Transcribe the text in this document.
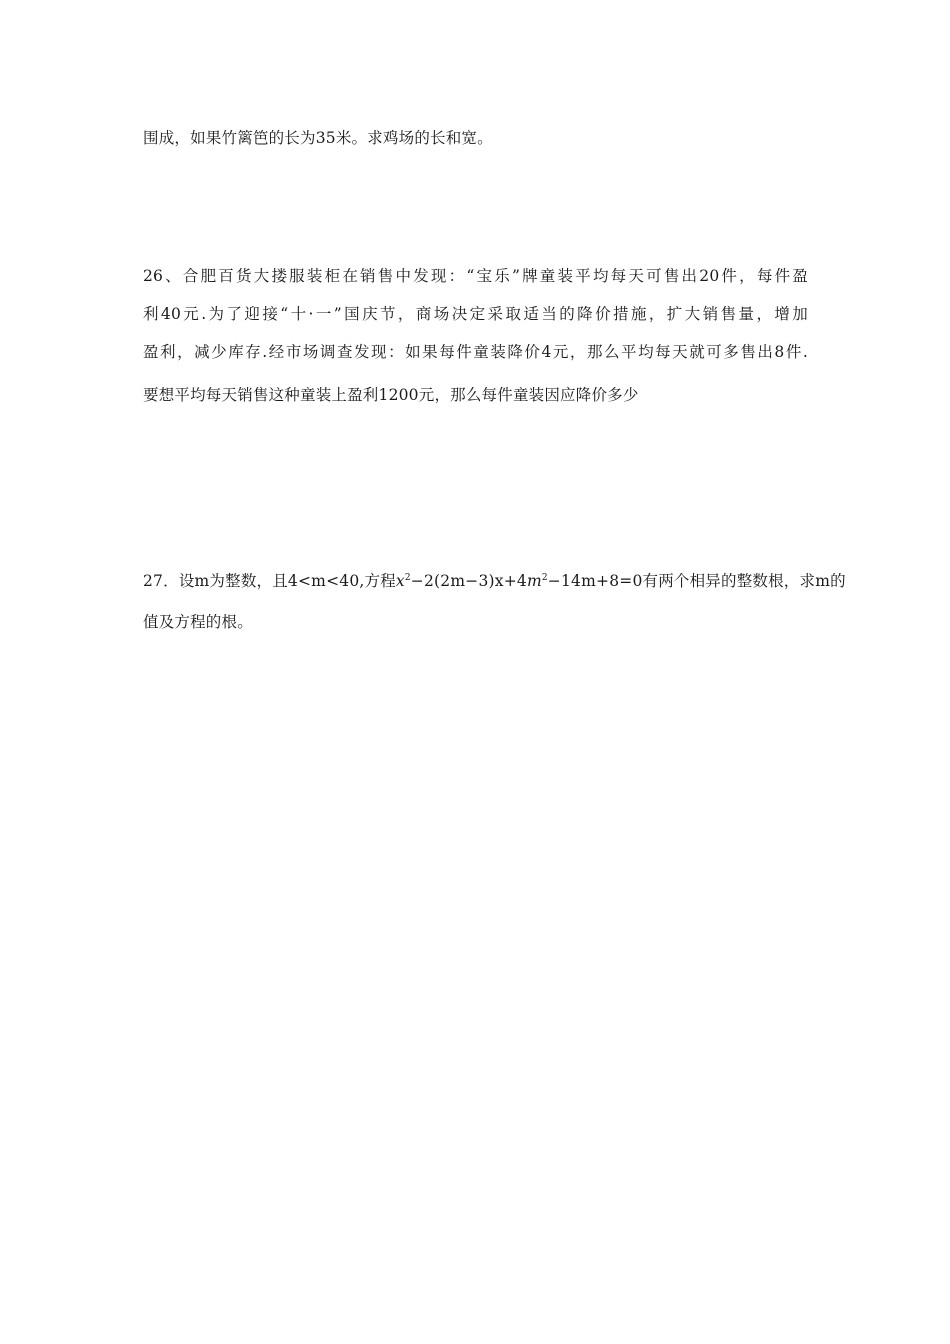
围成，如果竹篱笆的长为35米。求鸡场的长和宽。
26、合肥百货大搂服装柜在销售中发现：“宝乐”牌童装平均每天可售出20件，每件盈
利40元.为了迎接“十·一”国庆节，商场决定采取适当的降价措施，扩大销售量，增加
盈利，减少库存.经市场调查发现：如果每件童装降价4元，那么平均每天就可多售出8件.
要想平均每天销售这种童装上盈利1200元，那么每件童装因应降价多少
27．设m为整数，且4<m<40,方程$x^2-2(2m-3)x+4m^2-14m+8=0$有两个相异的整数根，求m的
值及方程的根。
